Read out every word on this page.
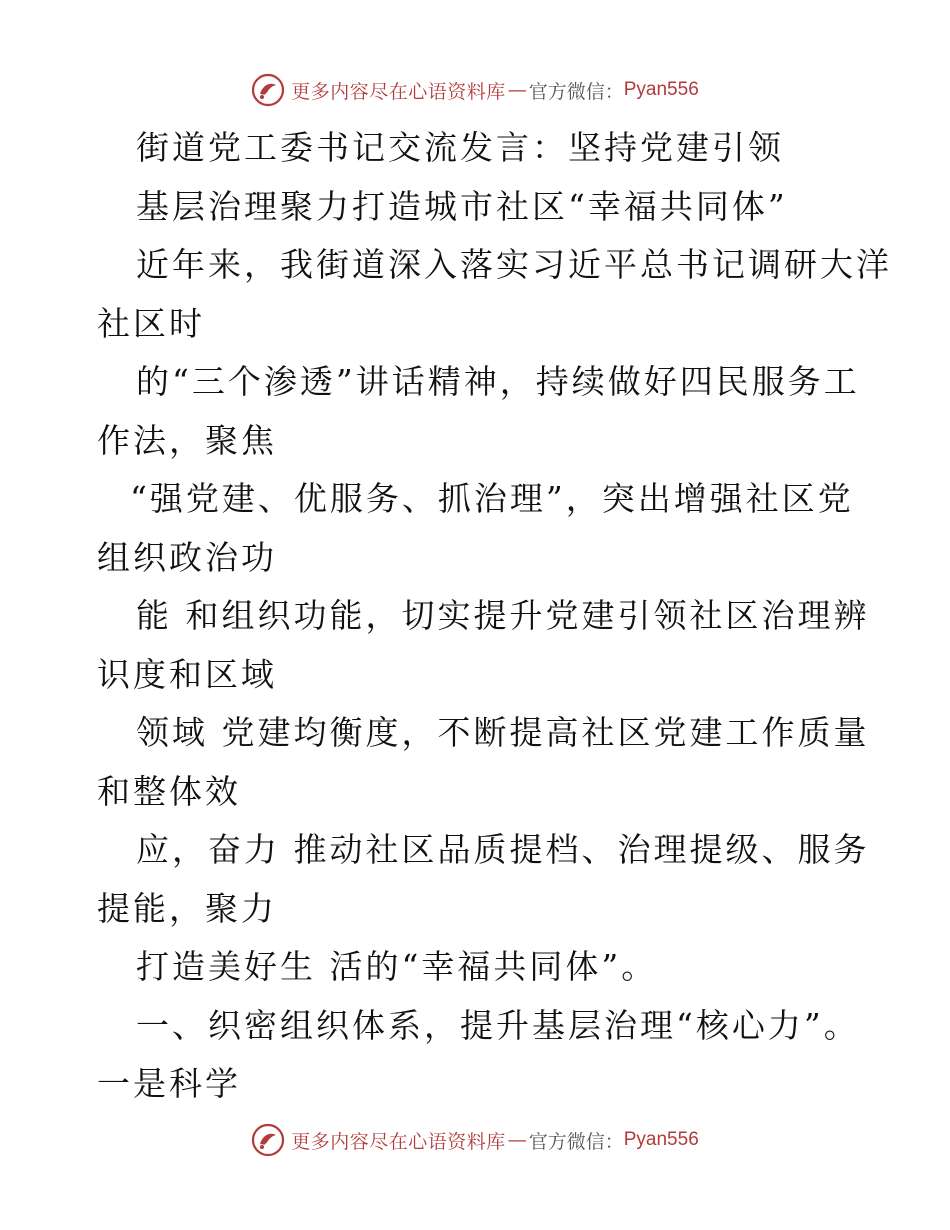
更多内容尽在心语资料库 — 官方微信： Pyan556
街道党工委书记交流发言：坚持党建引领
基层治理聚力打造城市社区“幸福共同体”
近年来，我街道深入落实习近平总书记调研大洋
社区时
的“三个渗透”讲话精神，持续做好四民服务工
作法，聚焦
“强党建、优服务、抓治理”，突出增强社区党
组织政治功
能 和组织功能，切实提升党建引领社区治理辨
识度和区域
领域 党建均衡度，不断提高社区党建工作质量
和整体效
应，奋力 推动社区品质提档、治理提级、服务
提能，聚力
打造美好生 活的“幸福共同体”。
一、织密组织体系，提升基层治理“核心力”。
一是科学
更多内容尽在心语资料库 — 官方微信： Pyan556
